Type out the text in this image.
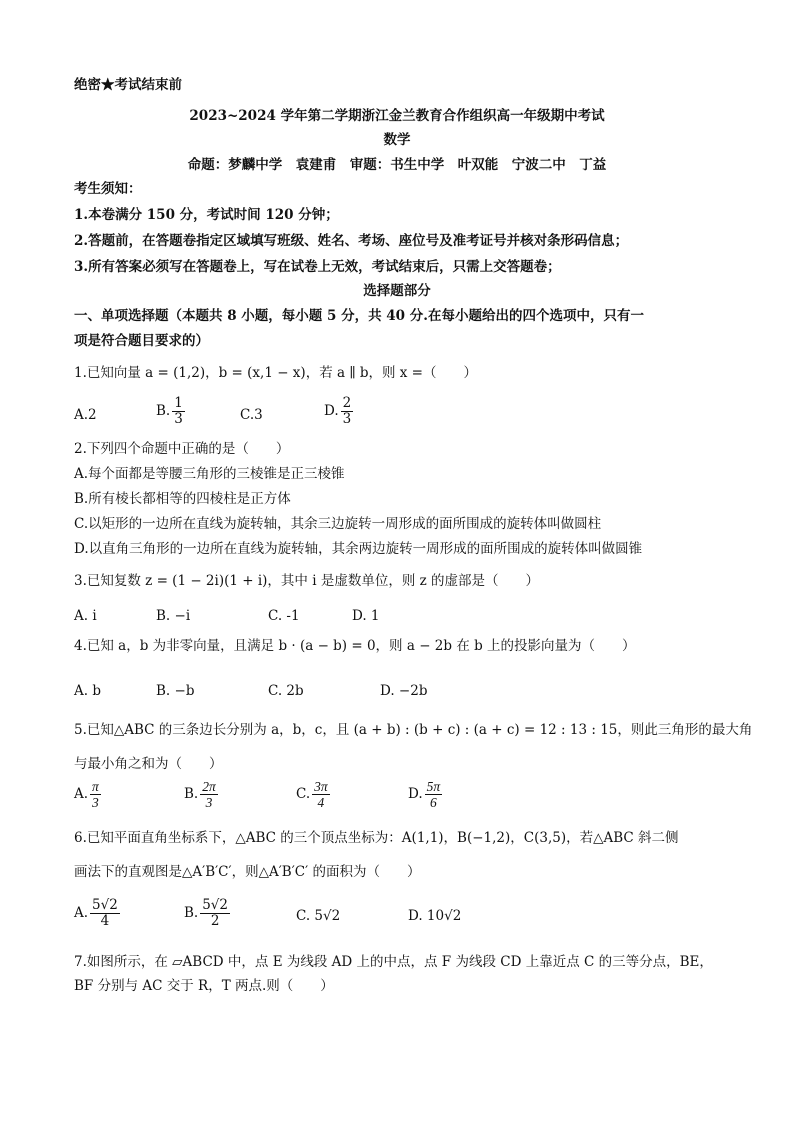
绝密★考试结束前
2023~2024 学年第二学期浙江金兰教育合作组织高一年级期中考试
数学
命题：梦麟中学　袁建甫　审题：书生中学　叶双能　宁波二中　丁益
考生须知：
1.本卷满分 150 分，考试时间 120 分钟；
2.答题前，在答题卷指定区域填写班级、姓名、考场、座位号及准考证号并核对条形码信息；
3.所有答案必须写在答题卷上，写在试卷上无效，考试结束后，只需上交答题卷；
选择题部分
一、单项选择题（本题共 8 小题，每小题 5 分，共 40 分.在每小题给出的四个选项中，只有一
项是符合题目要求的）
1.已知向量 a = (1,2)，b = (x,1 − x)，若 a ∥ b，则 x =（　　）
A.2	B. $\frac{1}{3}$	C.3	D. $\frac{2}{3}$
2.下列四个命题中正确的是（　　）
A.每个面都是等腰三角形的三棱锥是正三棱锥
B.所有棱长都相等的四棱柱是正方体
C.以矩形的一边所在直线为旋转轴，其余三边旋转一周形成的面所围成的旋转体叫做圆柱
D.以直角三角形的一边所在直线为旋转轴，其余两边旋转一周形成的面所围成的旋转体叫做圆锥
3.已知复数 z = (1 − 2i)(1 + i)，其中 i 是虚数单位，则 z 的虚部是（　　）
A. i	B. −i	C. -1	D. 1
4.已知 a，b 为非零向量，且满足 b · (a − b) = 0，则 a − 2b 在 b 上的投影向量为（　　）
A. b	B. −b	C. 2b	D. −2b
5.已知△ABC 的三条边长分别为 a，b，c，且 (a + b) : (b + c) : (a + c) = 12 : 13 : 15，则此三角形的最大角
与最小角之和为（　　）
A. $\frac{\pi}{3}$	B. $\frac{2\pi}{3}$	C. $\frac{3\pi}{4}$	D. $\frac{5\pi}{6}$
6.已知平面直角坐标系下，△ABC 的三个顶点坐标为：A(1,1)，B(−1,2)，C(3,5)，若△ABC 斜二侧
画法下的直观图是△A′B′C′，则△A′B′C′ 的面积为（　　）
A. $\frac{5√2}{4}$	B. $\frac{5√2}{2}$	C. 5√2	D. 10√2
7.如图所示，在 ▱ABCD 中，点 E 为线段 AD 上的中点，点 F 为线段 CD 上靠近点 C 的三等分点，BE，
BF 分别与 AC 交于 R，T 两点.则（　　）
